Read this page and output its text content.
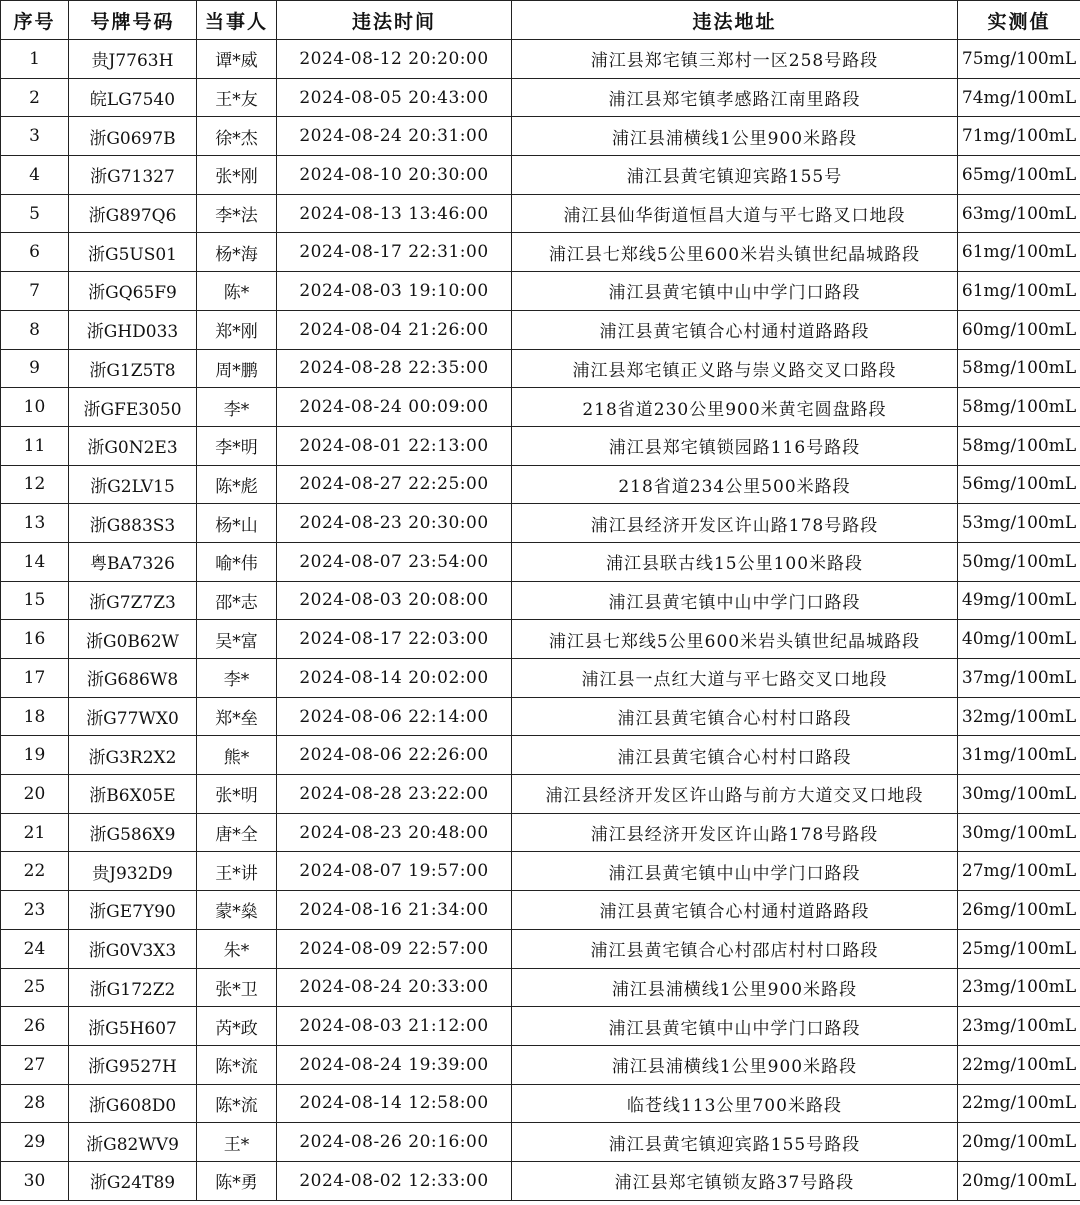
序号	号牌号码	当事人	违法时间	违法地址	实测值
1	贵J7763H	谭*威	2024-08-12 20:20:00	浦江县郑宅镇三郑村一区258号路段	75mg/100mL
2	皖LG7540	王*友	2024-08-05 20:43:00	浦江县郑宅镇孝感路江南里路段	74mg/100mL
3	浙G0697B	徐*杰	2024-08-24 20:31:00	浦江县浦横线1公里900米路段	71mg/100mL
4	浙G71327	张*刚	2024-08-10 20:30:00	浦江县黄宅镇迎宾路155号	65mg/100mL
5	浙G897Q6	李*法	2024-08-13 13:46:00	浦江县仙华街道恒昌大道与平七路叉口地段	63mg/100mL
6	浙G5US01	杨*海	2024-08-17 22:31:00	浦江县七郑线5公里600米岩头镇世纪晶城路段	61mg/100mL
7	浙GQ65F9	陈*	2024-08-03 19:10:00	浦江县黄宅镇中山中学门口路段	61mg/100mL
8	浙GHD033	郑*刚	2024-08-04 21:26:00	浦江县黄宅镇合心村通村道路路段	60mg/100mL
9	浙G1Z5T8	周*鹏	2024-08-28 22:35:00	浦江县郑宅镇正义路与崇义路交叉口路段	58mg/100mL
10	浙GFE3050	李*	2024-08-24 00:09:00	218省道230公里900米黄宅圆盘路段	58mg/100mL
11	浙G0N2E3	李*明	2024-08-01 22:13:00	浦江县郑宅镇锁园路116号路段	58mg/100mL
12	浙G2LV15	陈*彪	2024-08-27 22:25:00	218省道234公里500米路段	56mg/100mL
13	浙G883S3	杨*山	2024-08-23 20:30:00	浦江县经济开发区许山路178号路段	53mg/100mL
14	粤BA7326	喻*伟	2024-08-07 23:54:00	浦江县联古线15公里100米路段	50mg/100mL
15	浙G7Z7Z3	邵*志	2024-08-03 20:08:00	浦江县黄宅镇中山中学门口路段	49mg/100mL
16	浙G0B62W	吴*富	2024-08-17 22:03:00	浦江县七郑线5公里600米岩头镇世纪晶城路段	40mg/100mL
17	浙G686W8	李*	2024-08-14 20:02:00	浦江县一点红大道与平七路交叉口地段	37mg/100mL
18	浙G77WX0	郑*垒	2024-08-06 22:14:00	浦江县黄宅镇合心村村口路段	32mg/100mL
19	浙G3R2X2	熊*	2024-08-06 22:26:00	浦江县黄宅镇合心村村口路段	31mg/100mL
20	浙B6X05E	张*明	2024-08-28 23:22:00	浦江县经济开发区许山路与前方大道交叉口地段	30mg/100mL
21	浙G586X9	唐*全	2024-08-23 20:48:00	浦江县经济开发区许山路178号路段	30mg/100mL
22	贵J932D9	王*讲	2024-08-07 19:57:00	浦江县黄宅镇中山中学门口路段	27mg/100mL
23	浙GE7Y90	蒙*燊	2024-08-16 21:34:00	浦江县黄宅镇合心村通村道路路段	26mg/100mL
24	浙G0V3X3	朱*	2024-08-09 22:57:00	浦江县黄宅镇合心村邵店村村口路段	25mg/100mL
25	浙G172Z2	张*卫	2024-08-24 20:33:00	浦江县浦横线1公里900米路段	23mg/100mL
26	浙G5H607	芮*政	2024-08-03 21:12:00	浦江县黄宅镇中山中学门口路段	23mg/100mL
27	浙G9527H	陈*流	2024-08-24 19:39:00	浦江县浦横线1公里900米路段	22mg/100mL
28	浙G608D0	陈*流	2024-08-14 12:58:00	临苍线113公里700米路段	22mg/100mL
29	浙G82WV9	王*	2024-08-26 20:16:00	浦江县黄宅镇迎宾路155号路段	20mg/100mL
30	浙G24T89	陈*勇	2024-08-02 12:33:00	浦江县郑宅镇锁友路37号路段	20mg/100mL
